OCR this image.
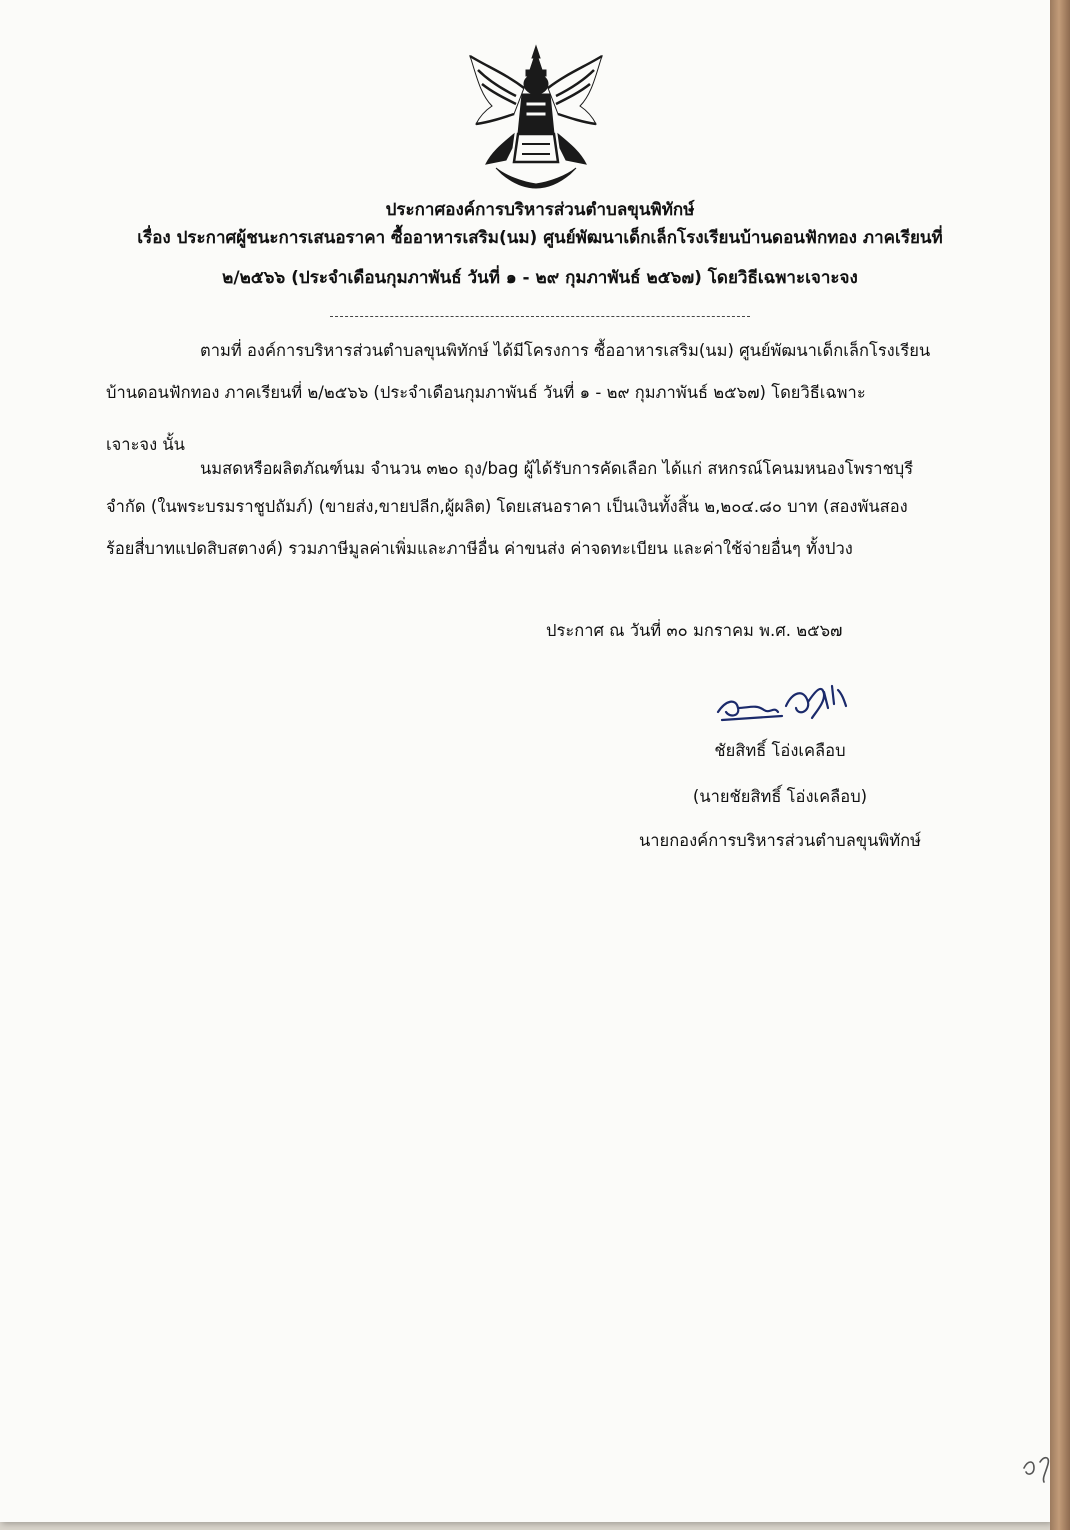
ประกาศองค์การบริหารส่วนตำบลขุนพิทักษ์
เรื่อง ประกาศผู้ชนะการเสนอราคา ซื้ออาหารเสริม(นม) ศูนย์พัฒนาเด็กเล็กโรงเรียนบ้านดอนฟักทอง ภาคเรียนที่
๒/๒๕๖๖ (ประจำเดือนกุมภาพันธ์ วันที่ ๑ - ๒๙ กุมภาพันธ์ ๒๕๖๗) โดยวิธีเฉพาะเจาะจง
ตามที่ องค์การบริหารส่วนตำบลขุนพิทักษ์ ได้มีโครงการ ซื้ออาหารเสริม(นม) ศูนย์พัฒนาเด็กเล็กโรงเรียน
บ้านดอนฟักทอง ภาคเรียนที่ ๒/๒๕๖๖ (ประจำเดือนกุมภาพันธ์ วันที่ ๑ - ๒๙ กุมภาพันธ์ ๒๕๖๗) โดยวิธีเฉพาะ
เจาะจง นั้น
นมสดหรือผลิตภัณฑ์นม จำนวน ๓๒๐ ถุง/bag ผู้ได้รับการคัดเลือก ได้แก่ สหกรณ์โคนมหนองโพราชบุรี
จำกัด (ในพระบรมราชูปถัมภ์) (ขายส่ง,ขายปลีก,ผู้ผลิต) โดยเสนอราคา เป็นเงินทั้งสิ้น ๒,๒๐๔.๘๐ บาท (สองพันสอง
ร้อยสี่บาทแปดสิบสตางค์) รวมภาษีมูลค่าเพิ่มและภาษีอื่น ค่าขนส่ง ค่าจดทะเบียน และค่าใช้จ่ายอื่นๆ ทั้งปวง
ประกาศ ณ วันที่ ๓๐ มกราคม พ.ศ. ๒๕๖๗
ชัยสิทธิ์ โอ่งเคลือบ
(นายชัยสิทธิ์ โอ่งเคลือบ)
นายกองค์การบริหารส่วนตำบลขุนพิทักษ์
